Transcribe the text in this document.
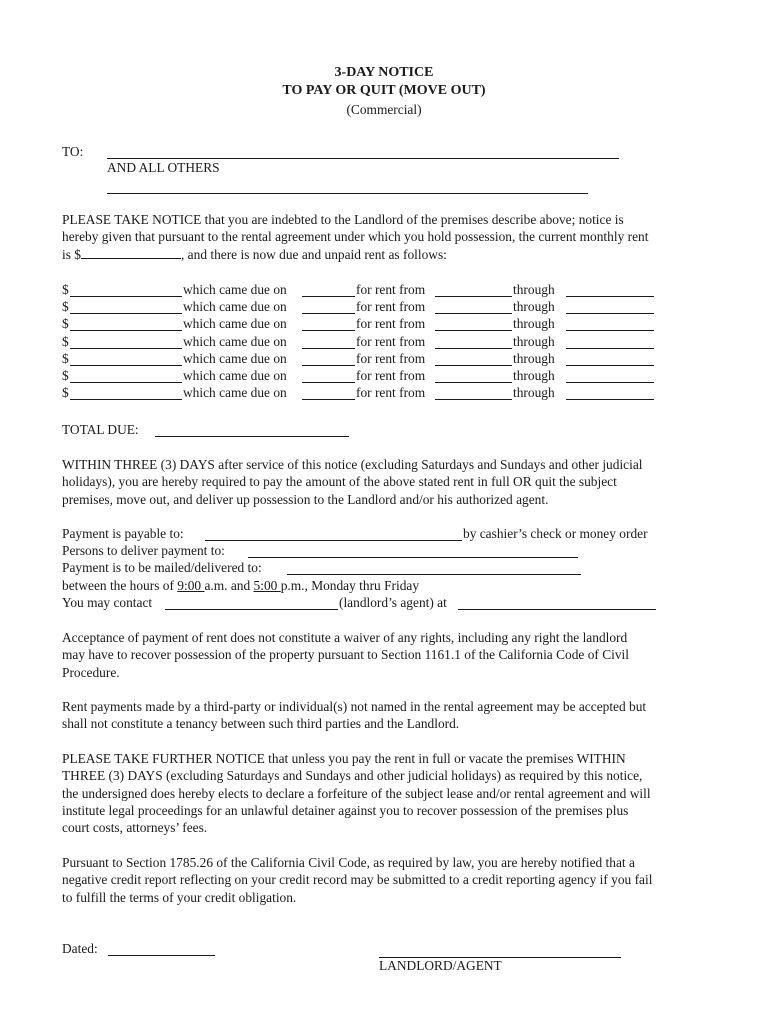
3-DAY NOTICE
TO PAY OR QUIT (MOVE OUT)
(Commercial)
TO:
AND ALL OTHERS
PLEASE TAKE NOTICE that you are indebted to the Landlord of the premises describe above; notice is
hereby given that pursuant to the rental agreement under which you hold possession, the current monthly rent
is $	, and there is now due and unpaid rent as follows:
$	which came due on	for rent from	through
$	which came due on	for rent from	through
$	which came due on	for rent from	through
$	which came due on	for rent from	through
$	which came due on	for rent from	through
$	which came due on	for rent from	through
$	which came due on	for rent from	through
TOTAL DUE:
WITHIN THREE (3) DAYS after service of this notice (excluding Saturdays and Sundays and other judicial
holidays), you are hereby required to pay the amount of the above stated rent in full OR quit the subject
premises, move out, and deliver up possession to the Landlord and/or his authorized agent.
Payment is payable to:	by cashier’s check or money order
Persons to deliver payment to:
Payment is to be mailed/delivered to:
between the hours of 9:00 a.m. and 5:00 p.m., Monday thru Friday
You may contact	(landlord’s agent) at
Acceptance of payment of rent does not constitute a waiver of any rights, including any right the landlord
may have to recover possession of the property pursuant to Section 1161.1 of the California Code of Civil
Procedure.
Rent payments made by a third-party or individual(s) not named in the rental agreement may be accepted but
shall not constitute a tenancy between such third parties and the Landlord.
PLEASE TAKE FURTHER NOTICE that unless you pay the rent in full or vacate the premises WITHIN
THREE (3) DAYS (excluding Saturdays and Sundays and other judicial holidays) as required by this notice,
the undersigned does hereby elects to declare a forfeiture of the subject lease and/or rental agreement and will
institute legal proceedings for an unlawful detainer against you to recover possession of the premises plus
court costs, attorneys’ fees.
Pursuant to Section 1785.26 of the California Civil Code, as required by law, you are hereby notified that a
negative credit report reflecting on your credit record may be submitted to a credit reporting agency if you fail
to fulfill the terms of your credit obligation.
Dated:
LANDLORD/AGENT
